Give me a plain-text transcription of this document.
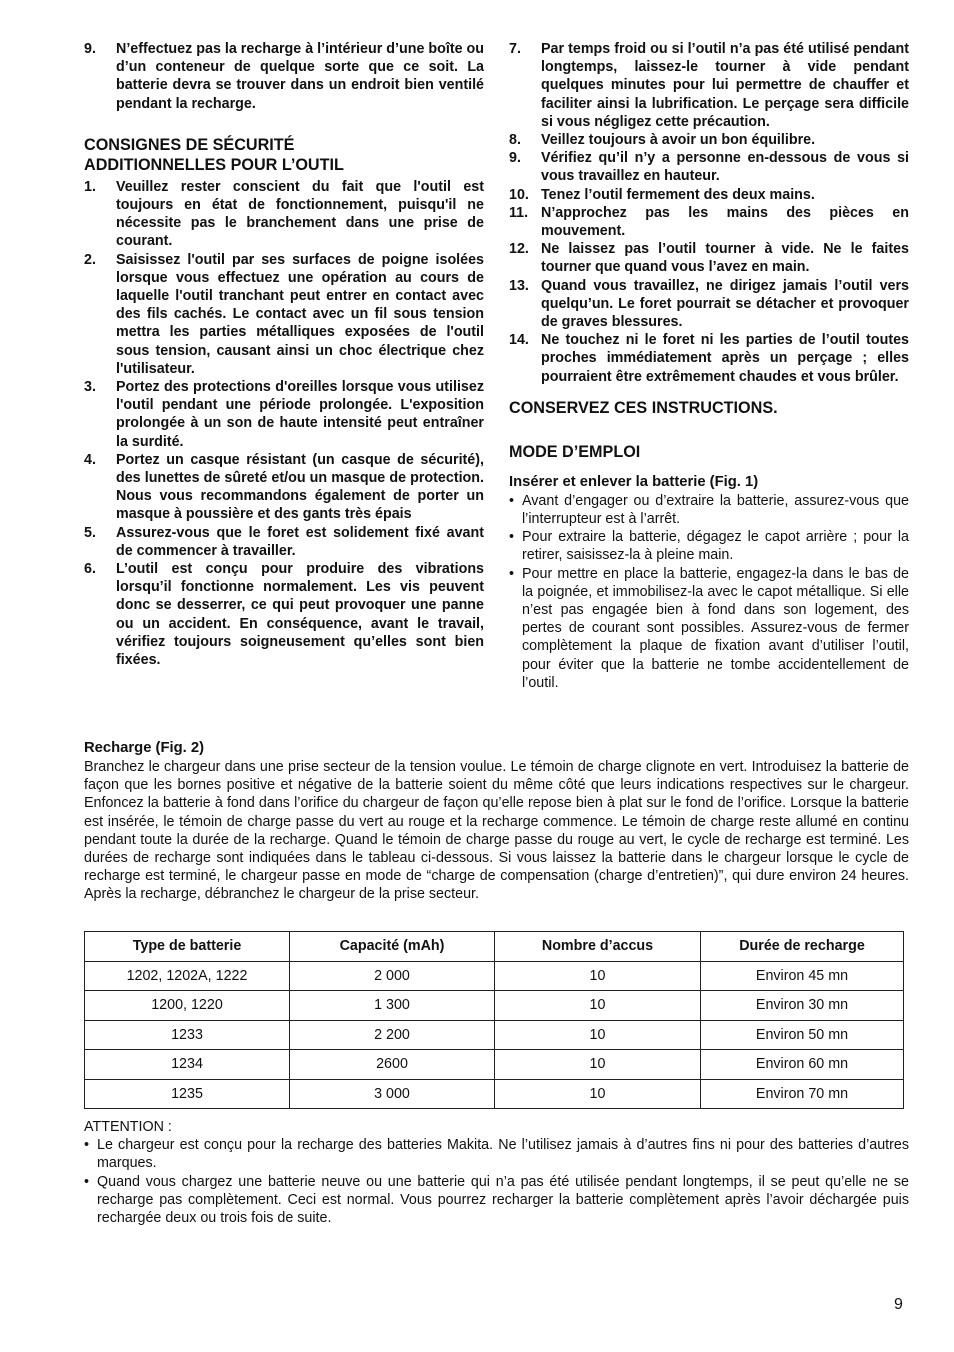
9.	N’effectuez pas la recharge à l’intérieur d’une boîte ou d’un conteneur de quelque sorte que ce soit. La batterie devra se trouver dans un endroit bien ventilé pendant la recharge.
CONSIGNES DE SÉCURITÉ
ADDITIONNELLES POUR L’OUTIL
1.	Veuillez rester conscient du fait que l'outil est toujours en état de fonctionnement, puisqu'il ne nécessite pas le branchement dans une prise de courant.
2.	Saisissez l'outil par ses surfaces de poigne isolées lorsque vous effectuez une opération au cours de laquelle l'outil tranchant peut entrer en contact avec des fils cachés. Le contact avec un fil sous tension mettra les parties métalliques exposées de l'outil sous tension, causant ainsi un choc électrique chez l'utilisateur.
3.	Portez des protections d'oreilles lorsque vous utilisez l'outil pendant une période prolongée. L'exposition prolongée à un son de haute intensité peut entraîner la surdité.
4.	Portez un casque résistant (un casque de sécurité), des lunettes de sûreté et/ou un masque de protection. Nous vous recommandons également de porter un masque à poussière et des gants très épais
5.	Assurez-vous que le foret est solidement fixé avant de commencer à travailler.
6.	L’outil est conçu pour produire des vibrations lorsqu’il fonctionne normalement. Les vis peuvent donc se desserrer, ce qui peut provoquer une panne ou un accident. En conséquence, avant le travail, vérifiez toujours soigneusement qu’elles sont bien fixées.
7.	Par temps froid ou si l’outil n’a pas été utilisé pendant longtemps, laissez-le tourner à vide pendant quelques minutes pour lui permettre de chauffer et faciliter ainsi la lubrification. Le perçage sera difficile si vous négligez cette précaution.
8.	Veillez toujours à avoir un bon équilibre.
9.	Vérifiez qu’il n’y a personne en-dessous de vous si vous travaillez en hauteur.
10. Tenez l’outil fermement des deux mains.
11. N’approchez pas les mains des pièces en mouvement.
12. Ne laissez pas l’outil tourner à vide. Ne le faites tourner que quand vous l’avez en main.
13. Quand vous travaillez, ne dirigez jamais l’outil vers quelqu’un. Le foret pourrait se détacher et provoquer de graves blessures.
14. Ne touchez ni le foret ni les parties de l’outil toutes proches immédiatement après un perçage ; elles pourraient être extrêmement chaudes et vous brûler.
CONSERVEZ CES INSTRUCTIONS.
MODE D’EMPLOI
Insérer et enlever la batterie (Fig. 1)
• Avant d’engager ou d’extraire la batterie, assurez-vous que l’interrupteur est à l’arrêt.
• Pour extraire la batterie, dégagez le capot arrière ; pour la retirer, saisissez-la à pleine main.
• Pour mettre en place la batterie, engagez-la dans le bas de la poignée, et immobilisez-la avec le capot métallique. Si elle n’est pas engagée bien à fond dans son logement, des pertes de courant sont possibles. Assurez-vous de fermer complètement la plaque de fixation avant d’utiliser l’outil, pour éviter que la batterie ne tombe accidentellement de l’outil.
Recharge (Fig. 2)

Branchez le chargeur dans une prise secteur de la tension voulue. Le témoin de charge clignote en vert. Introduisez la batterie de façon que les bornes positive et négative de la batterie soient du même côté que leurs indications respectives sur le chargeur. Enfoncez la batterie à fond dans l’orifice du chargeur de façon qu’elle repose bien à plat sur le fond de l’orifice. Lorsque la batterie est insérée, le témoin de charge passe du vert au rouge et la recharge commence. Le témoin de charge reste allumé en continu pendant toute la durée de la recharge. Quand le témoin de charge passe du rouge au vert, le cycle de recharge est terminé. Les durées de recharge sont indiquées dans le tableau ci-dessous. Si vous laissez la batterie dans le chargeur lorsque le cycle de recharge est terminé, le chargeur passe en mode de “charge de compensation (charge d’entretien)”, qui dure environ 24 heures. Après la recharge, débranchez le chargeur de la prise secteur.

Type de batterie	Capacité (mAh)	Nombre d’accus	Durée de recharge
1202, 1202A, 1222	2 000	10	Environ 45 mn
1200, 1220	1 300	10	Environ 30 mn
1233	2 200	10	Environ 50 mn
1234	2600	10	Environ 60 mn
1235	3 000	10	Environ 70 mn

ATTENTION :

• Le chargeur est conçu pour la recharge des batteries Makita. Ne l’utilisez jamais à d’autres fins ni pour des batteries d’autres marques.
• Quand vous chargez une batterie neuve ou une batterie qui n’a pas été utilisée pendant longtemps, il se peut qu’elle ne se recharge pas complètement. Ceci est normal. Vous pourrez recharger la batterie complètement après l’avoir déchargée puis rechargée deux ou trois fois de suite.
9
